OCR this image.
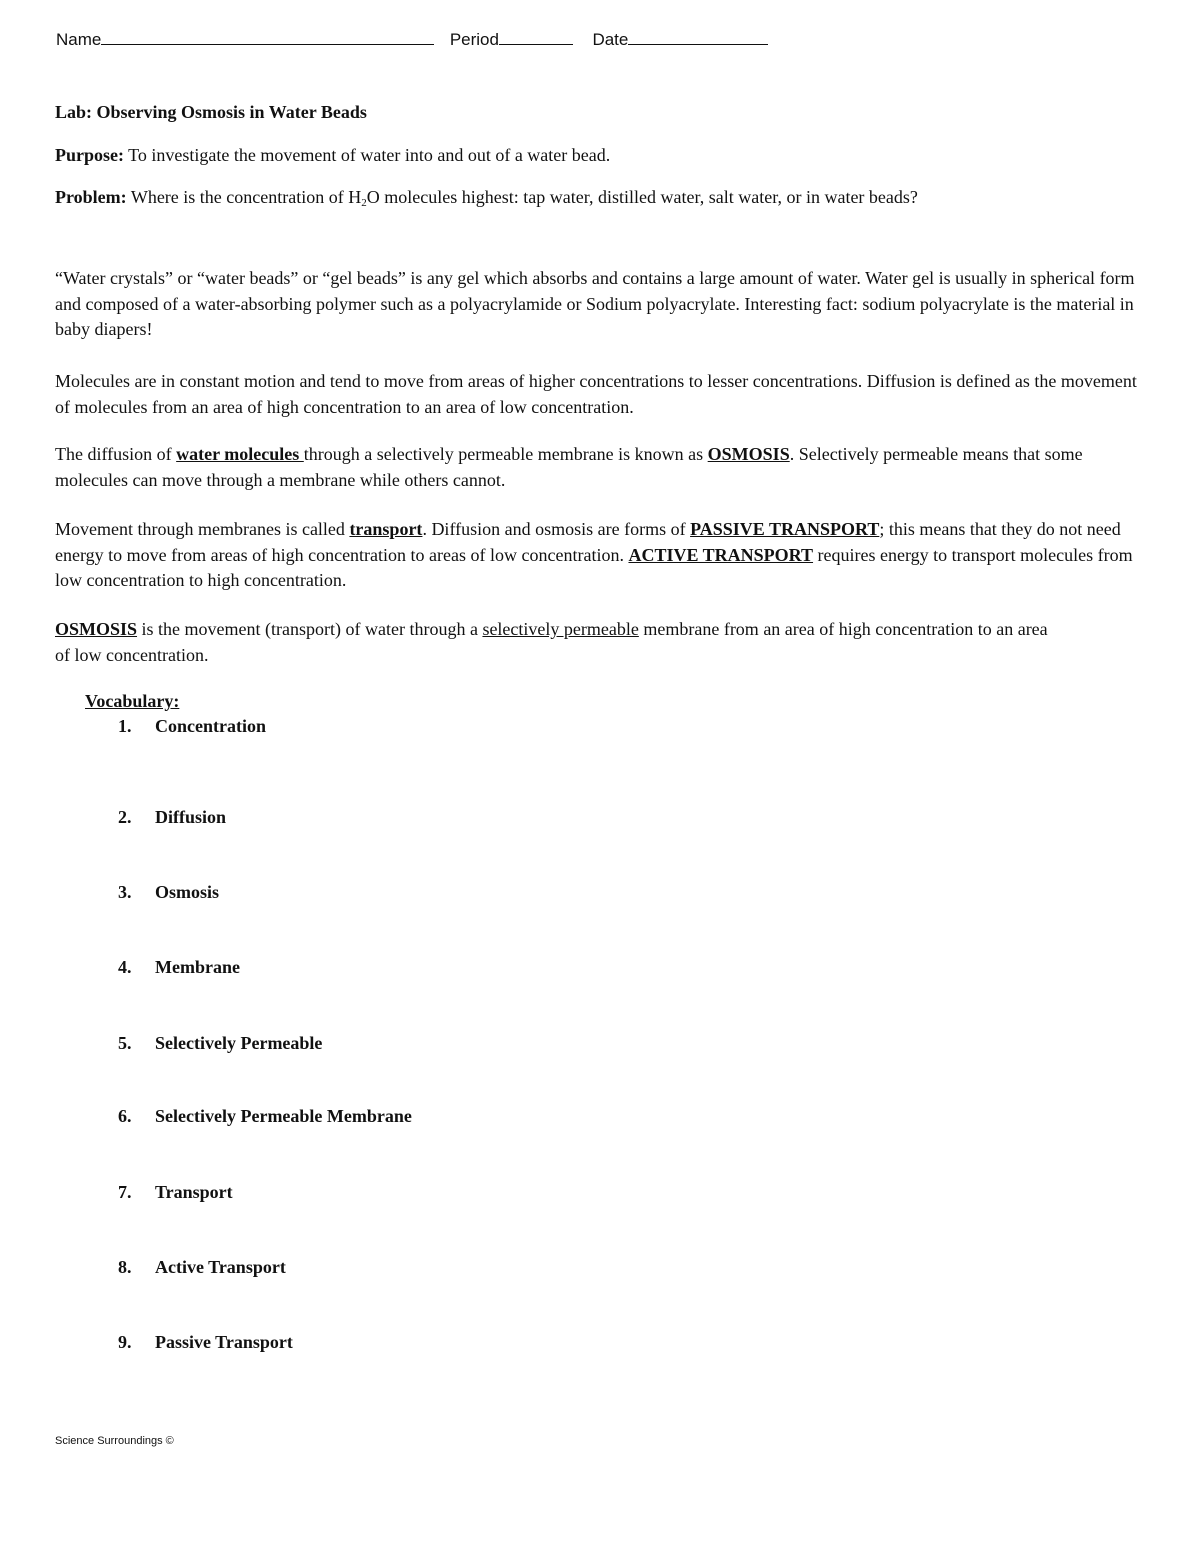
Name	Period	Date
Lab: Observing Osmosis in Water Beads
Purpose: To investigate the movement of water into and out of a water bead.
Problem: Where is the concentration of $H_2O$ molecules highest: tap water, distilled water, salt water, or in water beads?
“Water crystals” or “water beads” or “gel beads” is any gel which absorbs and contains a large amount of water. Water gel is usually in spherical form and composed of a water-absorbing polymer such as a polyacrylamide or Sodium polyacrylate. Interesting fact: sodium polyacrylate is the material in baby diapers!
Molecules are in constant motion and tend to move from areas of higher concentrations to lesser concentrations. Diffusion is defined as the movement of molecules from an area of high concentration to an area of low concentration.
The diffusion of water molecules through a selectively permeable membrane is known as OSMOSIS. Selectively permeable means that some molecules can move through a membrane while others cannot.
Movement through membranes is called transport. Diffusion and osmosis are forms of PASSIVE TRANSPORT; this means that they do not need energy to move from areas of high concentration to areas of low concentration. ACTIVE TRANSPORT requires energy to transport molecules from low concentration to high concentration.
OSMOSIS is the movement (transport) of water through a selectively permeable membrane from an area of high concentration to an area of low concentration.
Vocabulary:
1. Concentration
2. Diffusion
3. Osmosis
4. Membrane
5. Selectively Permeable
6. Selectively Permeable Membrane
7. Transport
8. Active Transport
9. Passive Transport
Science Surroundings ©
